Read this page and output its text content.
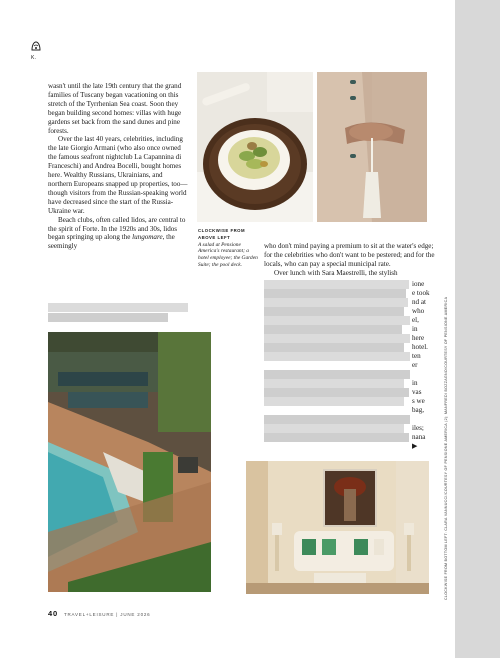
K.

wasn't until the late 19th century that the grand families of Tuscany began vacationing on this stretch of the Tyrrhenian Sea coast. Soon they began building second homes: villas with huge gardens set back from the sand dunes and pine forests.

Over the last 40 years, celebrities, including the late Giorgio Armani (who also once owned the famous seafront nightclub La Capannina di Franceschi) and Andrea Bocelli, bought homes here. Wealthy Russians, Ukrainians, and northern Europeans snapped up properties, too—though visitors from the Russian-speaking world have decreased since the start of the Russia-Ukraine war.

Beach clubs, often called lidos, are central to the spirit of Forte. In the 1920s and 30s, lidos began springing up along the lungomare, the seemingly

CLOCKWISE FROM ABOVE LEFT
A salad at Pensione America's restaurant; a hotel employee; the Garden Suite; the pool deck.

who don't mind paying a premium to sit at the water's edge; for the celebrities who don't want to be pestered; and for the locals, who can pay a special municipal rate.

Over lunch with Sara Maestrelli, the stylish

ione
e took
nd at
who
el,
in
here
hotel.
ten
er
in
vas
s we
bag,
iles;
nana
▶
40 TRAVEL+LEISURE | JUNE 2026
CLOCKWISE FROM BOTTOM LEFT: CLARA VANNUCCI/COURTESY OF PENSIONE AMERICA (2); MANFREDI BOZZAGNO/COURTESY OF PENSIONE AMERICA
